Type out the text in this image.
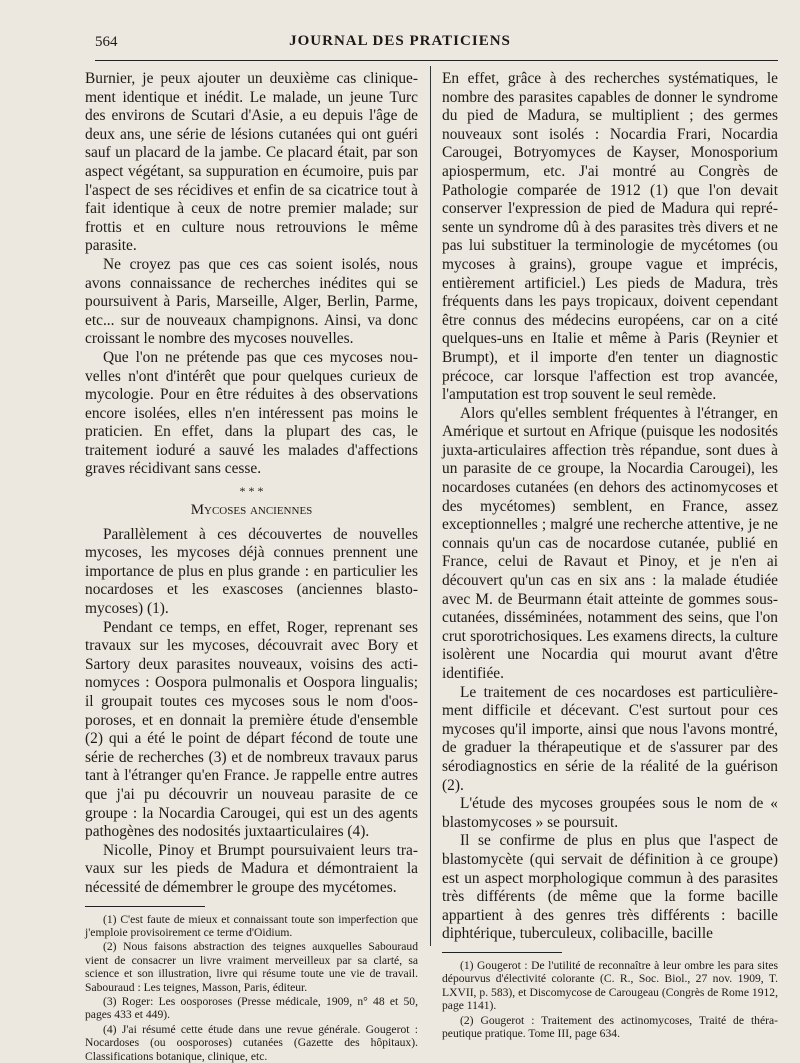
564	JOURNAL DES PRATICIENS

Burnier, je peux ajouter un deuxième cas cliniquement identique et inédit. Le malade, un jeune Turc des environs de Scutari d'Asie, a eu depuis l'âge de deux ans, une série de lésions cutanées qui ont guéri sauf un placard de la jambe. Ce placard était, par son aspect végétant, sa suppuration en écumoire, puis par l'aspect de ses récidives et enfin de sa cicatrice tout à fait identique à ceux de notre premier malade; sur frottis et en culture nous retrouvions le même parasite.

Ne croyez pas que ces cas soient isolés, nous avons connaissance de recherches inédites qui se poursuivent à Paris, Marseille, Alger, Berlin, Parme, etc... sur de nouveaux champignons. Ainsi, va donc croissant le nombre des mycoses nouvelles.

Que l'on ne prétende pas que ces mycoses nouvelles n'ont d'intérêt que pour quelques curieux de mycologie. Pour en être réduites à des observations encore isolées, elles n'en intéressent pas moins le praticien. En effet, dans la plupart des cas, le traitement ioduré a sauvé les malades d'affections graves récidivant sans cesse.

* * *
Mycoses anciennes

Parallèlement à ces découvertes de nouvelles mycoses, les mycoses déjà connues prennent une importance de plus en plus grande : en particulier les nocardoses et les exascoses (anciennes blastomycoses) (1).

Pendant ce temps, en effet, Roger, reprenant ses travaux sur les mycoses, découvrait avec Bory et Sartory deux parasites nouveaux, voisins des actinomyces : Oospora pulmonalis et Oospora lingualis; il groupait toutes ces mycoses sous le nom d'oosporoses, et en donnait la première étude d'ensemble (2) qui a été le point de départ fécond de toute une série de recherches (3) et de nombreux travaux parus tant à l'étranger qu'en France. Je rappelle entre autres que j'ai pu découvrir un nouveau parasite de ce groupe : la Nocardia Carougei, qui est un des agents pathogènes des nodosités juxtaarticulaires (4).

Nicolle, Pinoy et Brumpt poursuivaient leurs travaux sur les pieds de Madura et démontraient la nécessité de démembrer le groupe des mycétomes.

(1) C'est faute de mieux et connaissant toute son imperfection que j'emploie provisoirement ce terme d'Oidium.

(2) Nous faisons abstraction des teignes auxquelles Sabouraud vient de consacrer un livre vraiment merveilleux par sa clarté, sa science et son illustration, livre qui résume toute une vie de travail. Sabouraud : Les teignes, Masson, Paris, éditeur.

(3) Roger: Les oosporoses (Presse médicale, 1909, n° 48 et 50, pages 433 et 449).

(4) J'ai résumé cette étude dans une revue générale. Gougerot : Nocardoses (ou oosporoses) cutanées (Gazette des hôpitaux). Classifications botanique, clinique, etc.

En effet, grâce à des recherches systématiques, le nombre des parasites capables de donner le syndrome du pied de Madura, se multiplient ; des germes nouveaux sont isolés : Nocardia Frari, Nocardia Carougei, Botryomyces de Kayser, Monosporium apiospermum, etc. J'ai montré au Congrès de Pathologie comparée de 1912 (1) que l'on devait conserver l'expression de pied de Madura qui représente un syndrome dû à des parasites très divers et ne pas lui substituer la terminologie de mycétomes (ou mycoses à grains), groupe vague et imprécis, entièrement artificiel.) Les pieds de Madura, très fréquents dans les pays tropicaux, doivent cependant être connus des médecins européens, car on a cité quelques-uns en Italie et même à Paris (Reynier et Brumpt), et il importe d'en tenter un diagnostic précoce, car lorsque l'affection est trop avancée, l'amputation est trop souvent le seul remède.

Alors qu'elles semblent fréquentes à l'étranger, en Amérique et surtout en Afrique (puisque les nodosités juxta-articulaires affection très répandue, sont dues à un parasite de ce groupe, la Nocardia Carougei), les nocardoses cutanées (en dehors des actinomycoses et des mycétomes) semblent, en France, assez exceptionnelles ; malgré une recherche attentive, je ne connais qu'un cas de nocardose cutanée, publié en France, celui de Ravaut et Pinoy, et je n'en ai découvert qu'un cas en six ans : la malade étudiée avec M. de Beurmann était atteinte de gommes sous-cutanées, disséminées, notamment des seins, que l'on crut sporotrichosiques. Les examens directs, la culture isolèrent une Nocardia qui mourut avant d'être identifiée.

Le traitement de ces nocardoses est particulièrement difficile et décevant. C'est surtout pour ces mycoses qu'il importe, ainsi que nous l'avons montré, de graduer la thérapeutique et de s'assurer par des sérodiagnostics en série de la réalité de la guérison (2).

L'étude des mycoses groupées sous le nom de « blastomycoses » se poursuit.

Il se confirme de plus en plus que l'aspect de blastomycète (qui servait de définition à ce groupe) est un aspect morphologique commun à des parasites très différents (de même que la forme bacille appartient à des genres très différents : bacille diphtérique, tuberculeux, colibacille, bacille

(1) Gougerot : De l'utilité de reconnaître à leur ombre les para sites dépourvus d'électivité colorante (C. R., Soc. Biol., 27 nov. 1909, T. LXVII, p. 583), et Discomycose de Carougeau (Congrès de Rome 1912, page 1141).

(2) Gougerot : Traitement des actinomycoses, Traité de thérapeutique pratique. Tome III, page 634.
